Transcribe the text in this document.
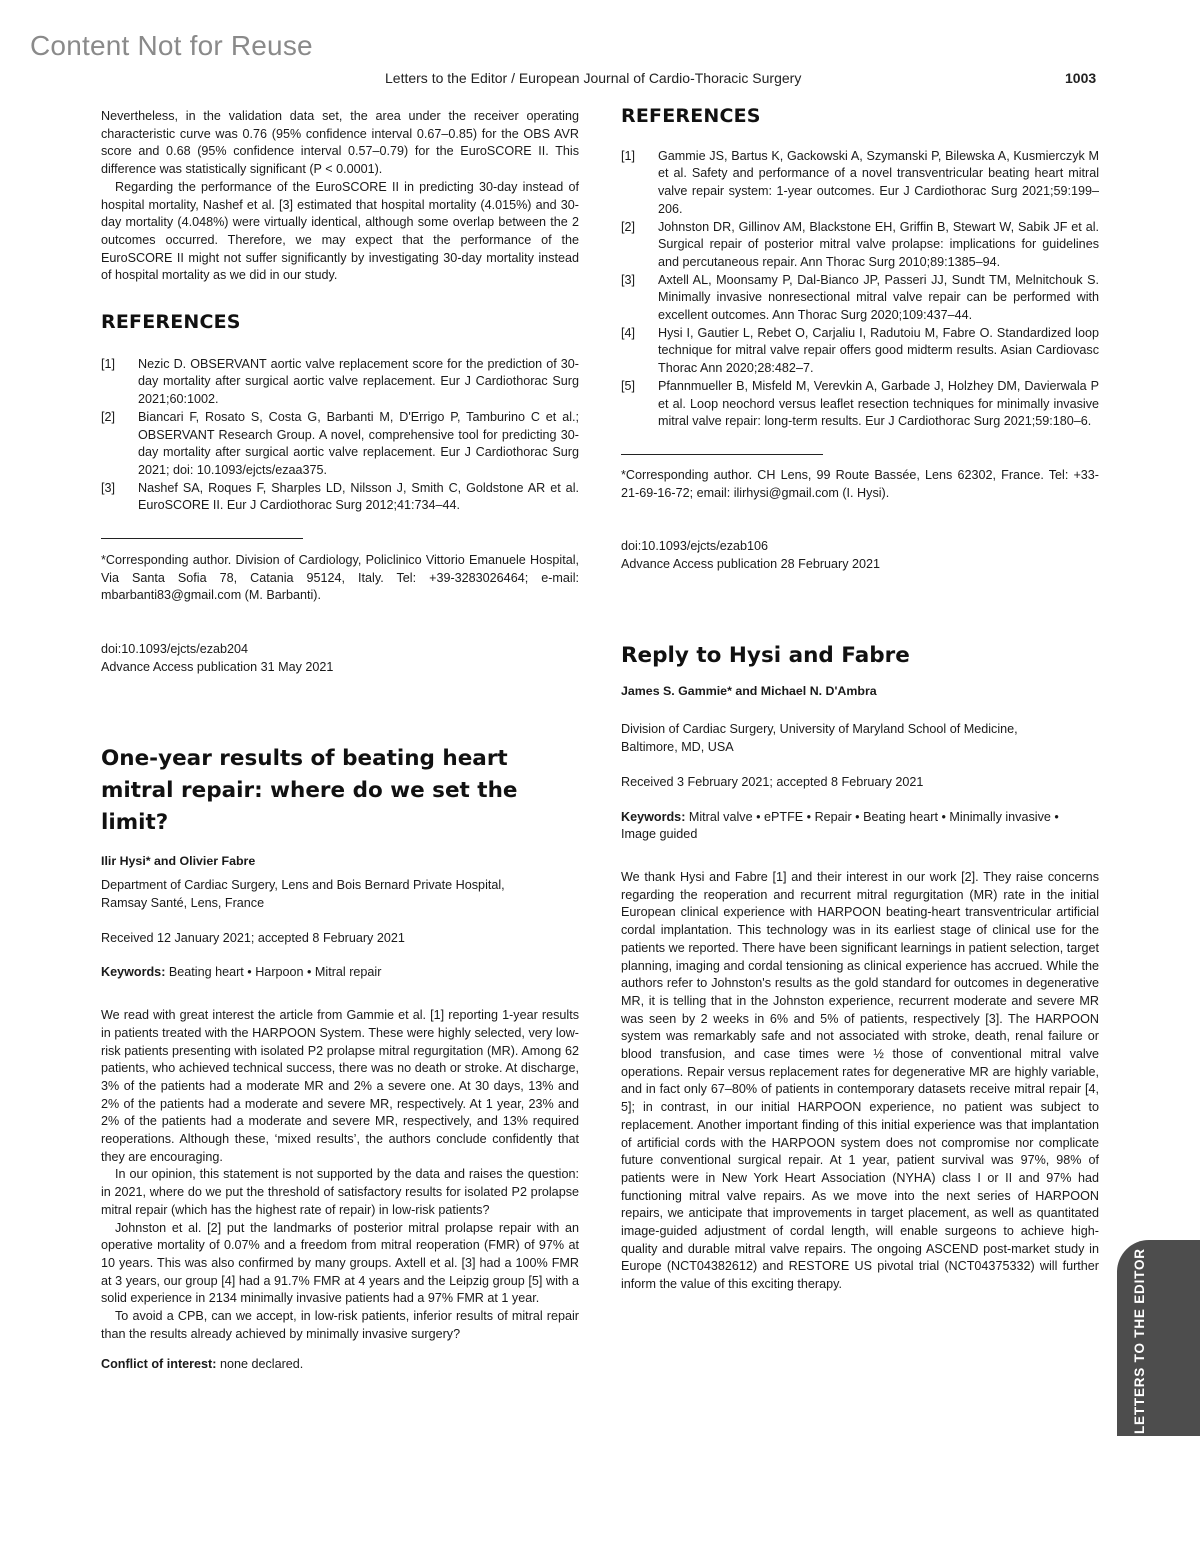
Content Not for Reuse
Letters to the Editor / European Journal of Cardio-Thoracic Surgery	1003

Nevertheless, in the validation data set, the area under the receiver operating characteristic curve was 0.76 (95% confidence interval 0.67–0.85) for the OBS AVR score and 0.68 (95% confidence interval 0.57–0.79) for the EuroSCORE II. This difference was statistically significant (P < 0.0001).

Regarding the performance of the EuroSCORE II in predicting 30-day instead of hospital mortality, Nashef et al. [3] estimated that hospital mortality (4.015%) and 30-day mortality (4.048%) were virtually identical, although some overlap between the 2 outcomes occurred. Therefore, we may expect that the performance of the EuroSCORE II might not suffer significantly by investigating 30-day mortality instead of hospital mortality as we did in our study.

REFERENCES
[1]	Nezic D. OBSERVANT aortic valve replacement score for the prediction of 30-day mortality after surgical aortic valve replacement. Eur J Cardiothorac Surg 2021;60:1002.
[2]	Biancari F, Rosato S, Costa G, Barbanti M, D'Errigo P, Tamburino C et al.; OBSERVANT Research Group. A novel, comprehensive tool for predicting 30-day mortality after surgical aortic valve replacement. Eur J Cardiothorac Surg 2021; doi: 10.1093/ejcts/ezaa375.
[3]	Nashef SA, Roques F, Sharples LD, Nilsson J, Smith C, Goldstone AR et al. EuroSCORE II. Eur J Cardiothorac Surg 2012;41:734–44.

*Corresponding author. Division of Cardiology, Policlinico Vittorio Emanuele Hospital, Via Santa Sofia 78, Catania 95124, Italy. Tel: +39-3283026464; e-mail: mbarbanti83@gmail.com (M. Barbanti).

doi:10.1093/ejcts/ezab204

Advance Access publication 31 May 2021

One-year results of beating heart mitral repair: where do we set the limit?

Ilir Hysi* and Olivier Fabre

Department of Cardiac Surgery, Lens and Bois Bernard Private Hospital, Ramsay Santé, Lens, France

Received 12 January 2021; accepted 8 February 2021

Keywords: Beating heart • Harpoon • Mitral repair

We read with great interest the article from Gammie et al. [1] reporting 1-year results in patients treated with the HARPOON System. These were highly selected, very low-risk patients presenting with isolated P2 prolapse mitral regurgitation (MR). Among 62 patients, who achieved technical success, there was no death or stroke. At discharge, 3% of the patients had a moderate MR and 2% a severe one. At 30 days, 13% and 2% of the patients had a moderate and severe MR, respectively. At 1 year, 23% and 2% of the patients had a moderate and severe MR, respectively, and 13% required reoperations. Although these, ‘mixed results’, the authors conclude confidently that they are encouraging.

In our opinion, this statement is not supported by the data and raises the question: in 2021, where do we put the threshold of satisfactory results for isolated P2 prolapse mitral repair (which has the highest rate of repair) in low-risk patients?

Johnston et al. [2] put the landmarks of posterior mitral prolapse repair with an operative mortality of 0.07% and a freedom from mitral reoperation (FMR) of 97% at 10 years. This was also confirmed by many groups. Axtell et al. [3] had a 100% FMR at 3 years, our group [4] had a 91.7% FMR at 4 years and the Leipzig group [5] with a solid experience in 2134 minimally invasive patients had a 97% FMR at 1 year.

To avoid a CPB, can we accept, in low-risk patients, inferior results of mitral repair than the results already achieved by minimally invasive surgery?

Conflict of interest: none declared.

REFERENCES
[1]	Gammie JS, Bartus K, Gackowski A, Szymanski P, Bilewska A, Kusmierczyk M et al. Safety and performance of a novel transventricular beating heart mitral valve repair system: 1-year outcomes. Eur J Cardiothorac Surg 2021;59:199–206.
[2]	Johnston DR, Gillinov AM, Blackstone EH, Griffin B, Stewart W, Sabik JF et al. Surgical repair of posterior mitral valve prolapse: implications for guidelines and percutaneous repair. Ann Thorac Surg 2010;89:1385–94.
[3]	Axtell AL, Moonsamy P, Dal-Bianco JP, Passeri JJ, Sundt TM, Melnitchouk S. Minimally invasive nonresectional mitral valve repair can be performed with excellent outcomes. Ann Thorac Surg 2020;109:437–44.
[4]	Hysi I, Gautier L, Rebet O, Carjaliu I, Radutoiu M, Fabre O. Standardized loop technique for mitral valve repair offers good midterm results. Asian Cardiovasc Thorac Ann 2020;28:482–7.
[5]	Pfannmueller B, Misfeld M, Verevkin A, Garbade J, Holzhey DM, Davierwala P et al. Loop neochord versus leaflet resection techniques for minimally invasive mitral valve repair: long-term results. Eur J Cardiothorac Surg 2021;59:180–6.

*Corresponding author. CH Lens, 99 Route Bassée, Lens 62302, France. Tel: +33-21-69-16-72; email: ilirhysi@gmail.com (I. Hysi).

doi:10.1093/ejcts/ezab106

Advance Access publication 28 February 2021

Reply to Hysi and Fabre

James S. Gammie* and Michael N. D'Ambra

Division of Cardiac Surgery, University of Maryland School of Medicine, Baltimore, MD, USA

Received 3 February 2021; accepted 8 February 2021

Keywords: Mitral valve • ePTFE • Repair • Beating heart • Minimally invasive • Image guided

We thank Hysi and Fabre [1] and their interest in our work [2]. They raise concerns regarding the reoperation and recurrent mitral regurgitation (MR) rate in the initial European clinical experience with HARPOON beating-heart transventricular artificial cordal implantation. This technology was in its earliest stage of clinical use for the patients we reported. There have been significant learnings in patient selection, target planning, imaging and cordal tensioning as clinical experience has accrued. While the authors refer to Johnston's results as the gold standard for outcomes in degenerative MR, it is telling that in the Johnston experience, recurrent moderate and severe MR was seen by 2 weeks in 6% and 5% of patients, respectively [3]. The HARPOON system was remarkably safe and not associated with stroke, death, renal failure or blood transfusion, and case times were ½ those of conventional mitral valve operations. Repair versus replacement rates for degenerative MR are highly variable, and in fact only 67–80% of patients in contemporary datasets receive mitral repair [4, 5]; in contrast, in our initial HARPOON experience, no patient was subject to replacement. Another important finding of this initial experience was that implantation of artificial cords with the HARPOON system does not compromise nor complicate future conventional surgical repair. At 1 year, patient survival was 97%, 98% of patients were in New York Heart Association (NYHA) class I or II and 97% had functioning mitral valve repairs. As we move into the next series of HARPOON repairs, we anticipate that improvements in target placement, as well as quantitated image-guided adjustment of cordal length, will enable surgeons to achieve high-quality and durable mitral valve repairs. The ongoing ASCEND post-market study in Europe (NCT04382612) and RESTORE US pivotal trial (NCT04375332) will further inform the value of this exciting therapy.	LETTERS TO THE EDITOR
